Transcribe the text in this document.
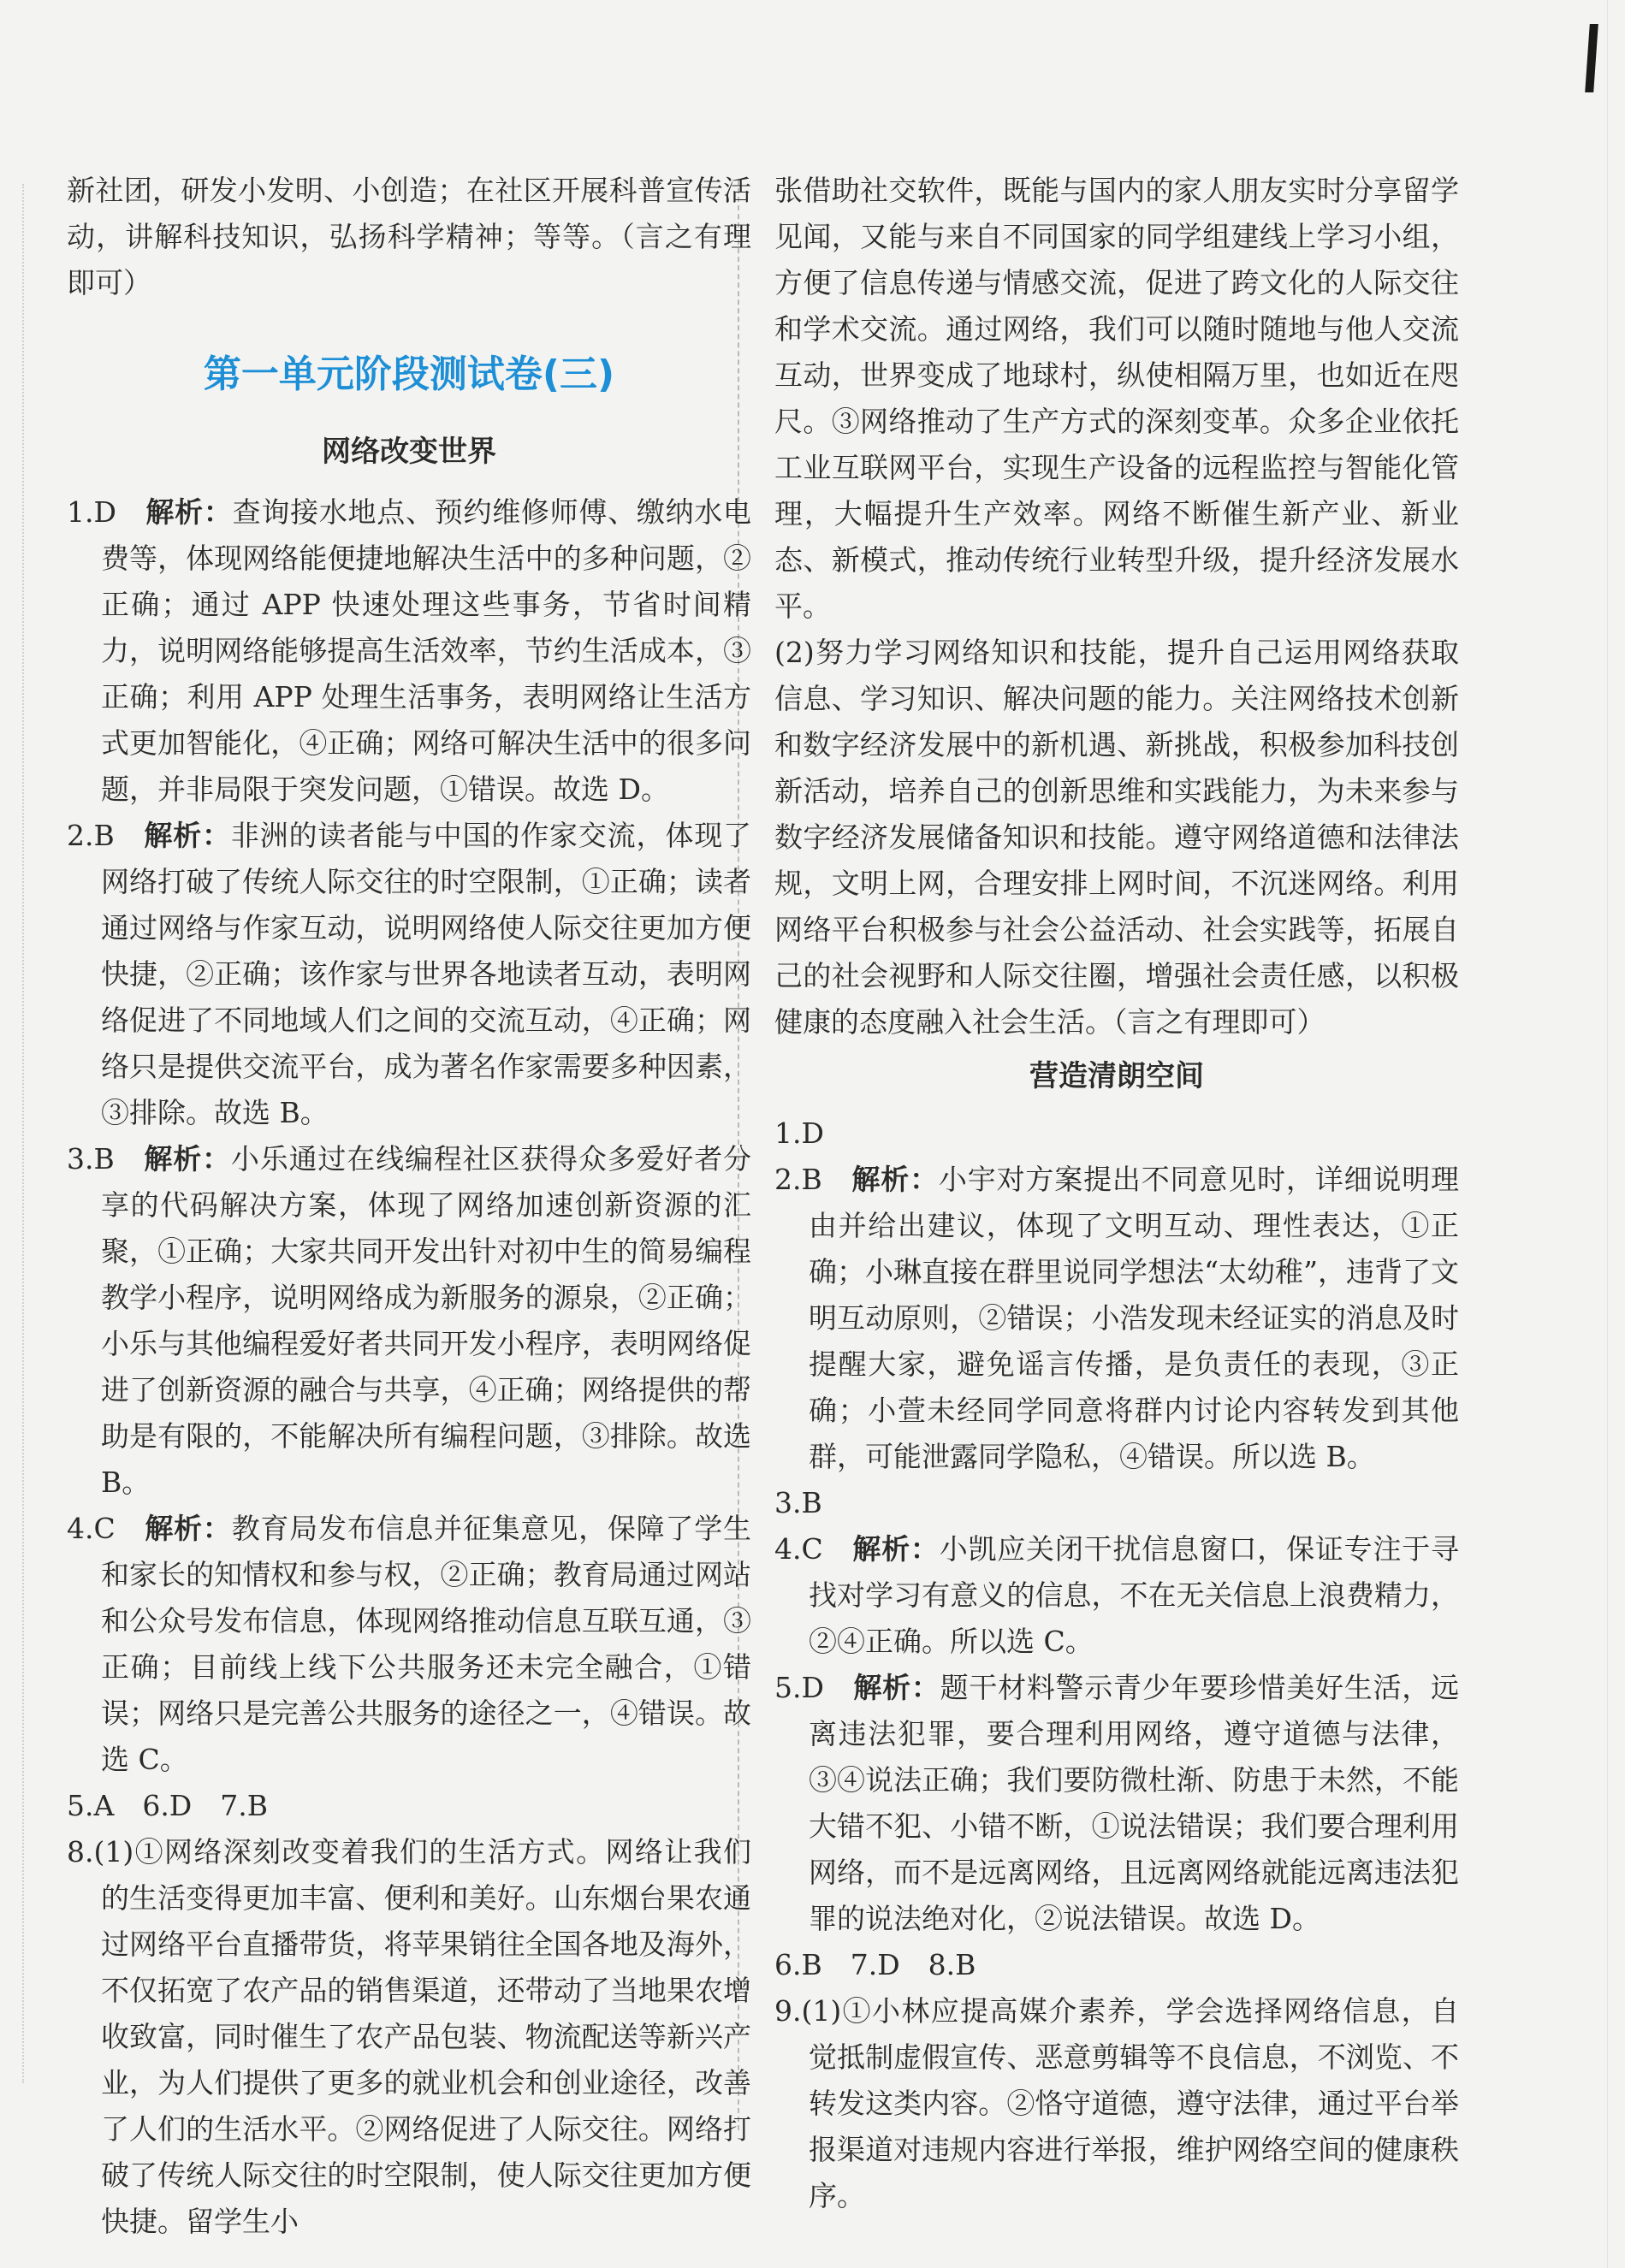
新社团，研发小发明、小创造；在社区开展科普宣传活动，讲解科技知识，弘扬科学精神；等等。（言之有理即可）

第一单元阶段测试卷(三)
网络改变世界

1.D　 解析：查询接水地点、预约维修师傅、缴纳水电费等，体现网络能便捷地解决生活中的多种问题，②正确；通过 APP 快速处理这些事务，节省时间精力，说明网络能够提高生活效率，节约生活成本，③正确；利用 APP 处理生活事务，表明网络让生活方式更加智能化，④正确；网络可解决生活中的很多问题，并非局限于突发问题，①错误。故选 D。

2.B　 解析：非洲的读者能与中国的作家交流，体现了网络打破了传统人际交往的时空限制，①正确；读者通过网络与作家互动，说明网络使人际交往更加方便快捷，②正确；该作家与世界各地读者互动，表明网络促进了不同地域人们之间的交流互动，④正确；网络只是提供交流平台，成为著名作家需要多种因素，③排除。故选 B。

3.B　 解析：小乐通过在线编程社区获得众多爱好者分享的代码解决方案，体现了网络加速创新资源的汇聚，①正确；大家共同开发出针对初中生的简易编程教学小程序，说明网络成为新服务的源泉，②正确；小乐与其他编程爱好者共同开发小程序，表明网络促进了创新资源的融合与共享，④正确；网络提供的帮助是有限的，不能解决所有编程问题，③排除。故选 B。

4.C　 解析：教育局发布信息并征集意见，保障了学生和家长的知情权和参与权，②正确；教育局通过网站和公众号发布信息，体现网络推动信息互联互通，③正确；目前线上线下公共服务还未完全融合，①错误；网络只是完善公共服务的途径之一，④错误。故选 C。

5.A　6.D　7.B

8.(1)①网络深刻改变着我们的生活方式。网络让我们的生活变得更加丰富、便利和美好。山东烟台果农通过网络平台直播带货，将苹果销往全国各地及海外，不仅拓宽了农产品的销售渠道，还带动了当地果农增收致富，同时催生了农产品包装、物流配送等新兴产业，为人们提供了更多的就业机会和创业途径，改善了人们的生活水平。②网络促进了人际交往。网络打破了传统人际交往的时空限制，使人际交往更加方便快捷。留学生小

张借助社交软件，既能与国内的家人朋友实时分享留学见闻，又能与来自不同国家的同学组建线上学习小组，方便了信息传递与情感交流，促进了跨文化的人际交往和学术交流。通过网络，我们可以随时随地与他人交流互动，世界变成了地球村，纵使相隔万里，也如近在咫尺。③网络推动了生产方式的深刻变革。众多企业依托工业互联网平台，实现生产设备的远程监控与智能化管理，大幅提升生产效率。网络不断催生新产业、新业态、新模式，推动传统行业转型升级，提升经济发展水平。

(2)努力学习网络知识和技能，提升自己运用网络获取信息、学习知识、解决问题的能力。关注网络技术创新和数字经济发展中的新机遇、新挑战，积极参加科技创新活动，培养自己的创新思维和实践能力，为未来参与数字经济发展储备知识和技能。遵守网络道德和法律法规，文明上网，合理安排上网时间，不沉迷网络。利用网络平台积极参与社会公益活动、社会实践等，拓展自己的社会视野和人际交往圈，增强社会责任感，以积极健康的态度融入社会生活。（言之有理即可）

营造清朗空间

1.D

2.B　 解析：小宇对方案提出不同意见时，详细说明理由并给出建议，体现了文明互动、理性表达，①正确；小琳直接在群里说同学想法“太幼稚”，违背了文明互动原则，②错误；小浩发现未经证实的消息及时提醒大家，避免谣言传播，是负责任的表现，③正确；小萱未经同学同意将群内讨论内容转发到其他群，可能泄露同学隐私，④错误。所以选 B。

3.B

4.C　 解析：小凯应关闭干扰信息窗口，保证专注于寻找对学习有意义的信息，不在无关信息上浪费精力，②④正确。所以选 C。

5.D　 解析：题干材料警示青少年要珍惜美好生活，远离违法犯罪，要合理利用网络，遵守道德与法律，③④说法正确；我们要防微杜渐、防患于未然，不能大错不犯、小错不断，①说法错误；我们要合理利用网络，而不是远离网络，且远离网络就能远离违法犯罪的说法绝对化，②说法错误。故选 D。

6.B　7.D　8.B

9.(1)①小林应提高媒介素养，学会选择网络信息，自觉抵制虚假宣传、恶意剪辑等不良信息，不浏览、不转发这类内容。②恪守道德，遵守法律，通过平台举报渠道对违规内容进行举报，维护网络空间的健康秩序。
